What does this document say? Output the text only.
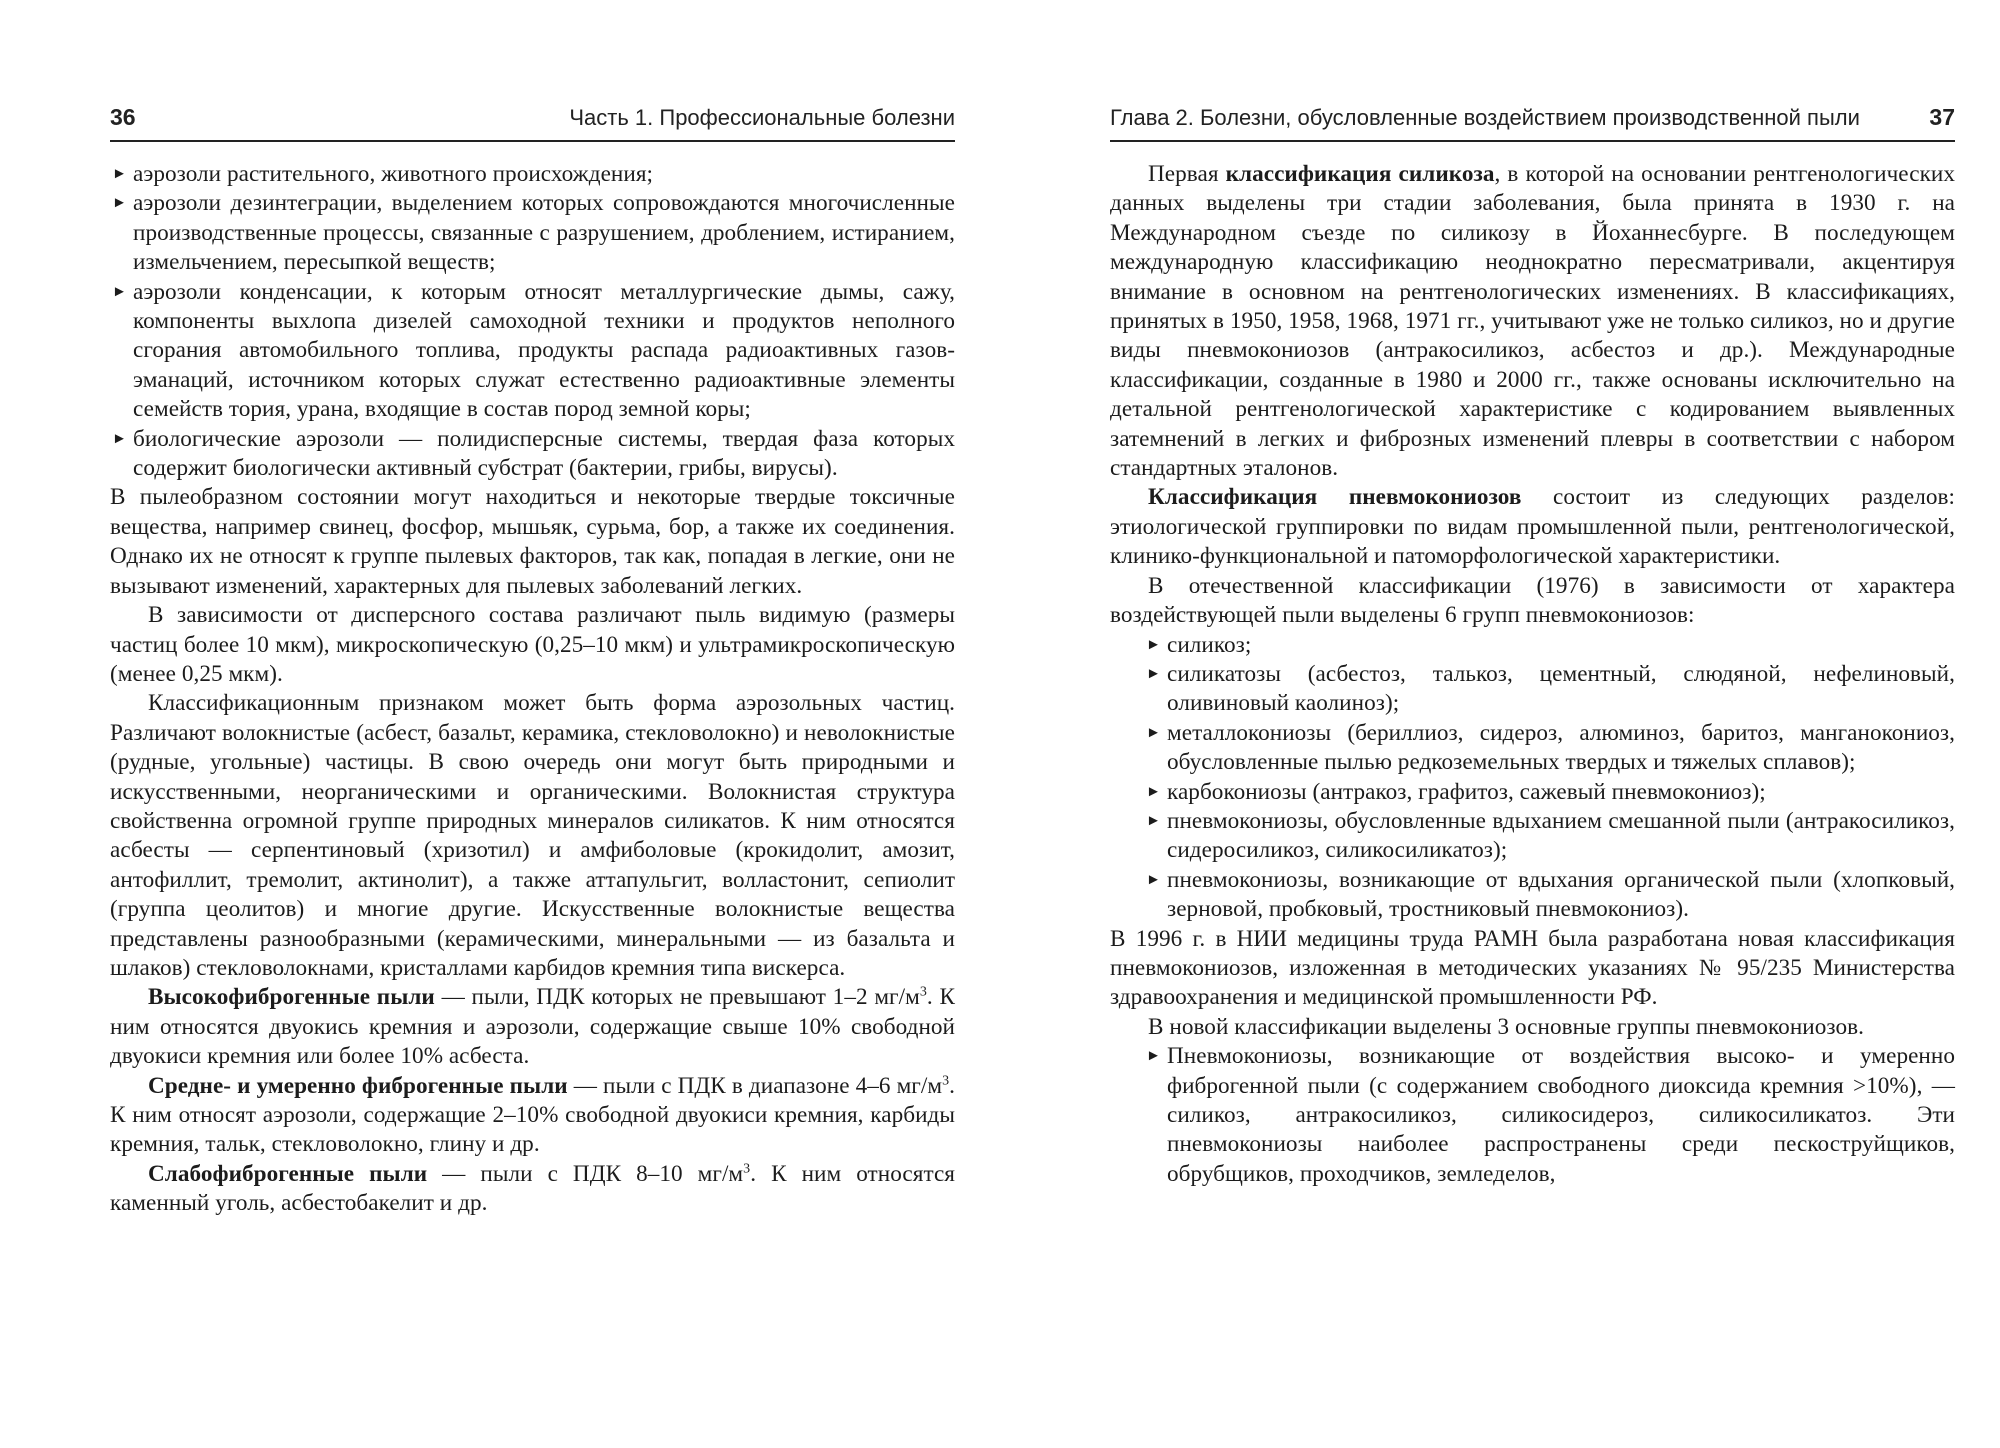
36	Часть 1. Профессиональные болезни
► аэрозоли растительного, животного происхождения;
► аэрозоли дезинтеграции, выделением которых сопровождаются многочисленные производственные процессы, связанные с разрушением, дроблением, истиранием, измельчением, пересыпкой веществ;
► аэрозоли конденсации, к которым относят металлургические дымы, сажу, компоненты выхлопа дизелей самоходной техники и продуктов неполного сгорания автомобильного топлива, продукты распада радиоактивных газов-эманаций, источником которых служат естественно радиоактивные элементы семейств тория, урана, входящие в состав пород земной коры;
► биологические аэрозоли — полидисперсные системы, твердая фаза которых содержит биологически активный субстрат (бактерии, грибы, вирусы).

В пылеобразном состоянии могут находиться и некоторые твердые токсичные вещества, например свинец, фосфор, мышьяк, сурьма, бор, а также их соединения. Однако их не относят к группе пылевых факторов, так как, попадая в легкие, они не вызывают изменений, характерных для пылевых заболеваний легких.

В зависимости от дисперсного состава различают пыль видимую (размеры частиц более 10 мкм), микроскопическую (0,25–10 мкм) и ультрамикроскопическую (менее 0,25 мкм).

Классификационным признаком может быть форма аэрозольных частиц. Различают волокнистые (асбест, базальт, керамика, стекловолокно) и неволокнистые (рудные, угольные) частицы. В свою очередь они могут быть природными и искусственными, неорганическими и органическими. Волокнистая структура свойственна огромной группе природных минералов силикатов. К ним относятся асбесты — серпентиновый (хризотил) и амфиболовые (крокидолит, амозит, антофиллит, тремолит, актинолит), а также аттапульгит, волластонит, сепиолит (группа цеолитов) и многие другие. Искусственные волокнистые вещества представлены разнообразными (керамическими, минеральными — из базальта и шлаков) стекловолокнами, кристаллами карбидов кремния типа вискерса.

Высокофиброгенные пыли — пыли, ПДК которых не превышают 1–2 $мг/м^3$. К ним относятся двуокись кремния и аэрозоли, содержащие свыше 10% свободной двуокиси кремния или более 10% асбеста.

Средне- и умеренно фиброгенные пыли — пыли с ПДК в диапазоне 4–6 $мг/м^3$. К ним относят аэрозоли, содержащие 2–10% свободной двуокиси кремния, карбиды кремния, тальк, стекловолокно, глину и др.

Слабофиброгенные пыли — пыли с ПДК 8–10 $мг/м^3$. К ним относятся каменный уголь, асбестобакелит и др.

Глава 2. Болезни, обусловленные воздействием производственной пыли	37

Первая классификация силикоза, в которой на основании рентгенологических данных выделены три стадии заболевания, была принята в 1930 г. на Международном съезде по силикозу в Йоханнесбурге. В последующем международную классификацию неоднократно пересматривали, акцентируя внимание в основном на рентгенологических изменениях. В классификациях, принятых в 1950, 1958, 1968, 1971 гг., учитывают уже не только силикоз, но и другие виды пневмокониозов (антракосиликоз, асбестоз и др.). Международные классификации, созданные в 1980 и 2000 гг., также основаны исключительно на детальной рентгенологической характеристике с кодированием выявленных затемнений в легких и фиброзных изменений плевры в соответствии с набором стандартных эталонов.

Классификация пневмокониозов состоит из следующих разделов: этиологической группировки по видам промышленной пыли, рентгенологической, клинико-функциональной и патоморфологической характеристики.

В отечественной классификации (1976) в зависимости от характера воздействующей пыли выделены 6 групп пневмокониозов:

► силикоз;
► силикатозы (асбестоз, талькоз, цементный, слюдяной, нефелиновый, оливиновый каолиноз);
► металлокониозы (бериллиоз, сидероз, алюминоз, баритоз, манганокониоз, обусловленные пылью редкоземельных твердых и тяжелых сплавов);
► карбокониозы (антракоз, графитоз, сажевый пневмокониоз);
► пневмокониозы, обусловленные вдыханием смешанной пыли (антракосиликоз, сидеросиликоз, силикосиликатоз);
► пневмокониозы, возникающие от вдыхания органической пыли (хлопковый, зерновой, пробковый, тростниковый пневмокониоз).

В 1996 г. в НИИ медицины труда РАМН была разработана новая классификация пневмокониозов, изложенная в методических указаниях № 95/235 Министерства здравоохранения и медицинской промышленности РФ.

В новой классификации выделены 3 основные группы пневмокониозов.

► Пневмокониозы, возникающие от воздействия высоко- и умеренно фиброгенной пыли (с содержанием свободного диоксида кремния >10%), — силикоз, антракосиликоз, силикосидероз, силикосиликатоз. Эти пневмокониозы наиболее распространены среди пескоструйщиков, обрубщиков, проходчиков, земледелов,
